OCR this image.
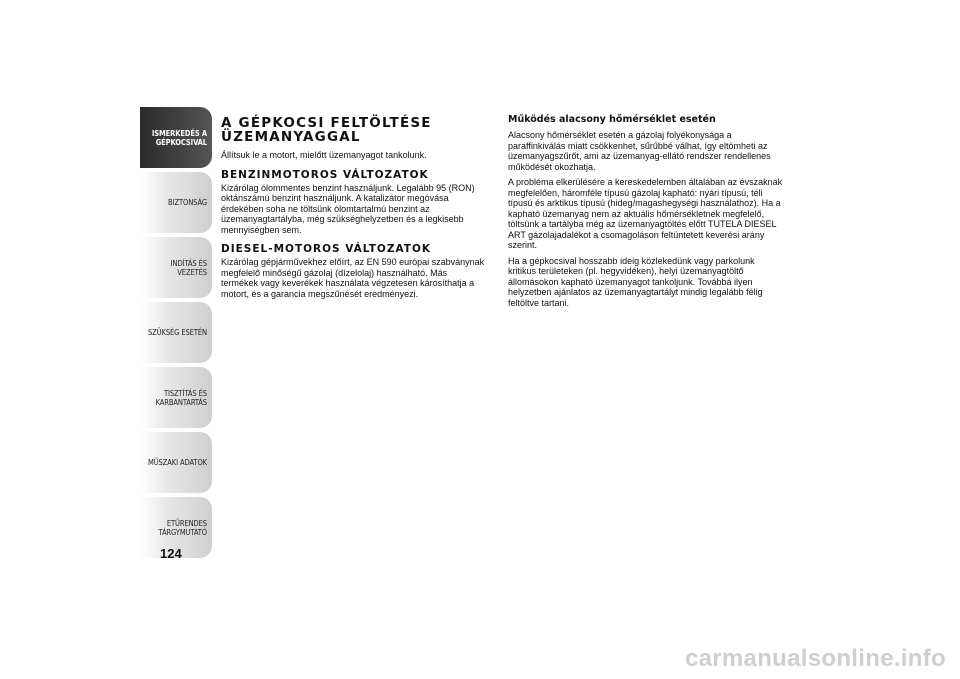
ISMERKEDÉS A
GÉPKOCSIVAL
BIZTONSÁG
INDÍTÁS ÉS VEZETÉS
SZÜKSÉG ESETÉN
TISZTÍTÁS ÉS
KARBANTARTÁS
MŰSZAKI ADATOK
ETŰRENDES
TÁRGYMUTATÓ
124
A GÉPKOCSI FELTÖLTÉSE ÜZEMANYAGGAL

Állítsuk le a motort, mielőtt üzemanyagot tankolunk.

BENZINMOTOROS VÁLTOZATOK

Kizárólag ólommentes benzint használjunk. Legalább 95 (RON) oktánszámú benzint használjunk. A katalizátor megóvása érdekében soha ne töltsünk ólomtartalmú benzint az üzemanyagtartályba, még szükséghelyzetben és a legkisebb mennyiségben sem.

DIESEL-MOTOROS VÁLTOZATOK

Kizárólag gépjárművekhez előírt, az EN 590 európai szabványnak megfelelő minőségű gázolaj (dízelolaj) használható. Más termékek vagy keverékek használata végzetesen károsíthatja a motort, és a garancia megszűnését eredményezi.

Működés alacsony hőmérséklet esetén

Alacsony hőmérséklet esetén a gázolaj folyékonysága a paraffinkiválás miatt csökkenhet, sűrűbbé válhat, így eltömheti az üzemanyagszűrőt, ami az üzemanyag-ellátó rendszer rendellenes működését okozhatja.

A probléma elkerülésére a kereskedelemben általában az évszaknak megfelelően, háromféle típusú gázolaj kapható: nyári típusú, téli típusú és arktikus típusú (hideg/magashegységi használathoz). Ha a kapható üzemanyag nem az aktuális hőmérsékletnek megfelelő, töltsünk a tartályba még az üzemanyagtöltés előtt TUTELA DIESEL ART gázolajadalékot a csomagoláson feltüntetett keverési arány szerint.

Ha a gépkocsival hosszabb ideig közlekedünk vagy parkolunk kritikus területeken (pl. hegyvidéken), helyi üzemanyagtöltő állomásokon kapható üzemanyagot tankoljunk. Továbbá ilyen helyzetben ajánlatos az üzemanyagtartályt mindig legalább félig feltöltve tartani.

carmanualsonline.info
